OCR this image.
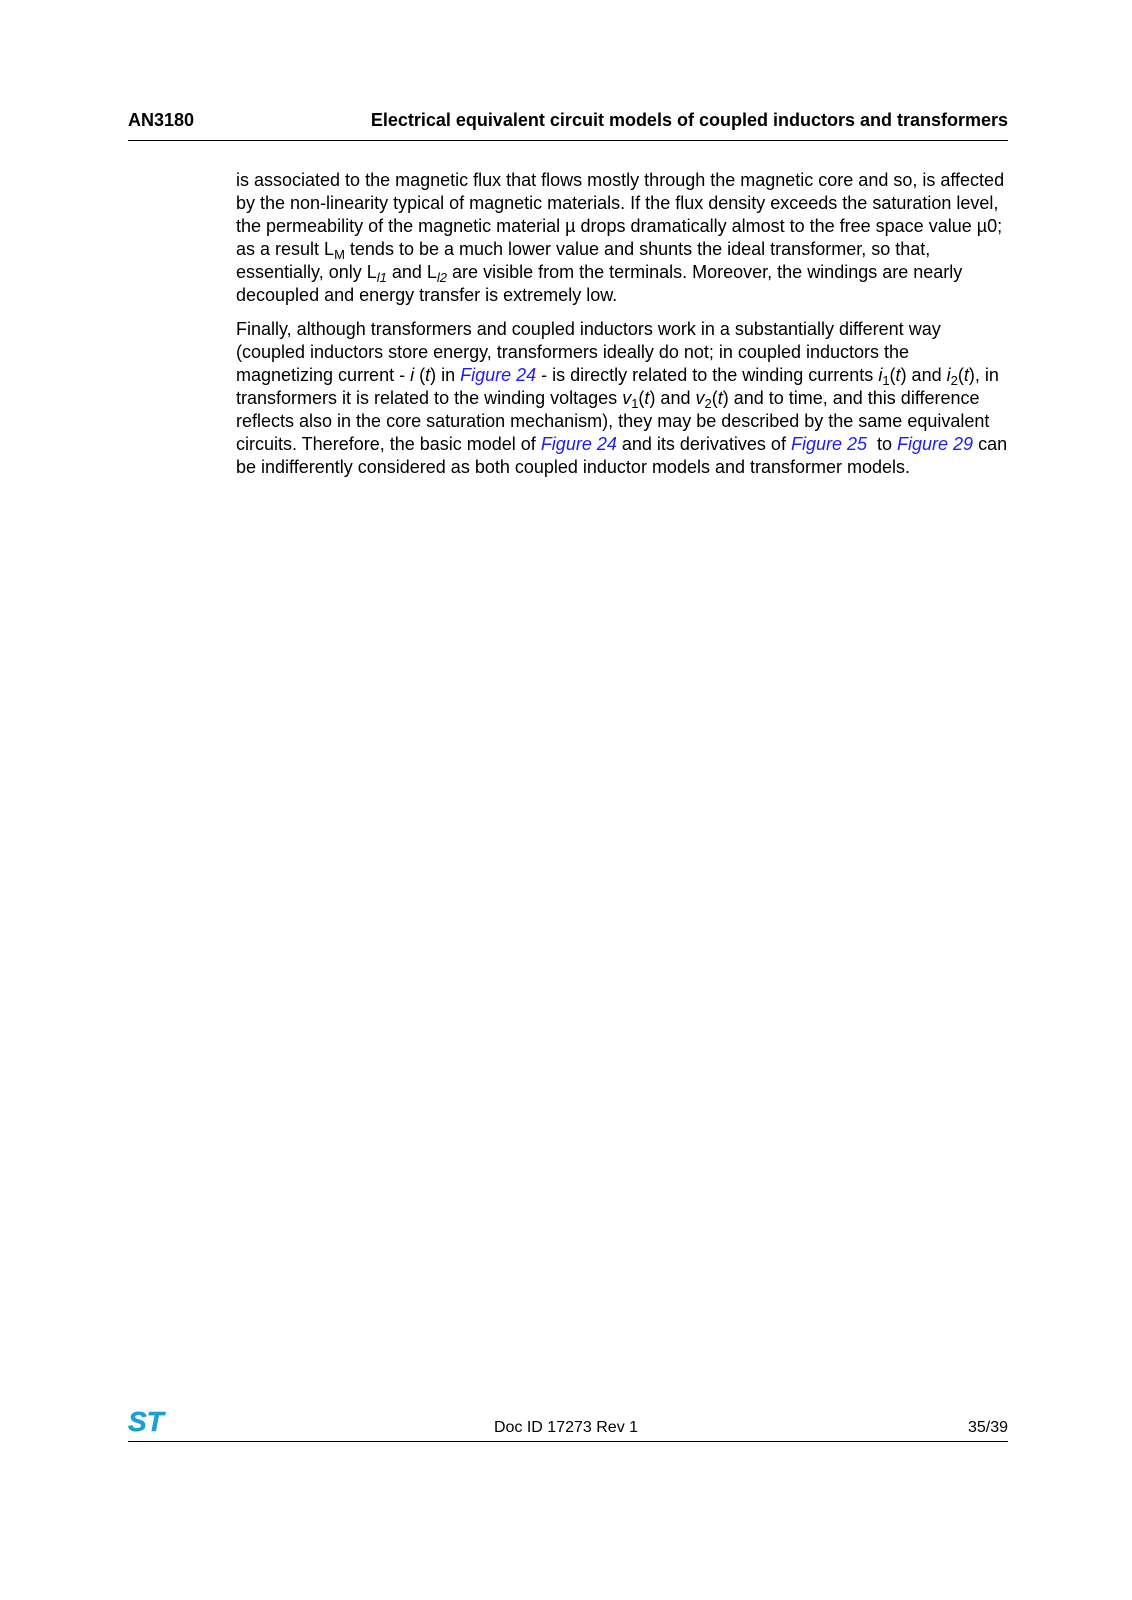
AN3180	Electrical equivalent circuit models of coupled inductors and transformers

is associated to the magnetic flux that flows mostly through the magnetic core and so, is affected by the non-linearity typical of magnetic materials. If the flux density exceeds the saturation level, the permeability of the magnetic material µ drops dramatically almost to the free space value µ0; as a result $L_M$ tends to be a much lower value and shunts the ideal transformer, so that, essentially, only $L_{l1}$ and $L_{l2}$ are visible from the terminals. Moreover, the windings are nearly decoupled and energy transfer is extremely low.

Finally, although transformers and coupled inductors work in a substantially different way (coupled inductors store energy, transformers ideally do not; in coupled inductors the magnetizing current - i (t) in Figure 24 - is directly related to the winding currents $i_1(t)$ and $i_2(t)$, in transformers it is related to the winding voltages $v_1(t)$ and $v_2(t)$ and to time, and this difference reflects also in the core saturation mechanism), they may be described by the same equivalent circuits. Therefore, the basic model of Figure 24 and its derivatives of Figure 25  to Figure 29 can be indifferently considered as both coupled inductor models and transformer models.

ST	Doc ID 17273 Rev 1	35/39
